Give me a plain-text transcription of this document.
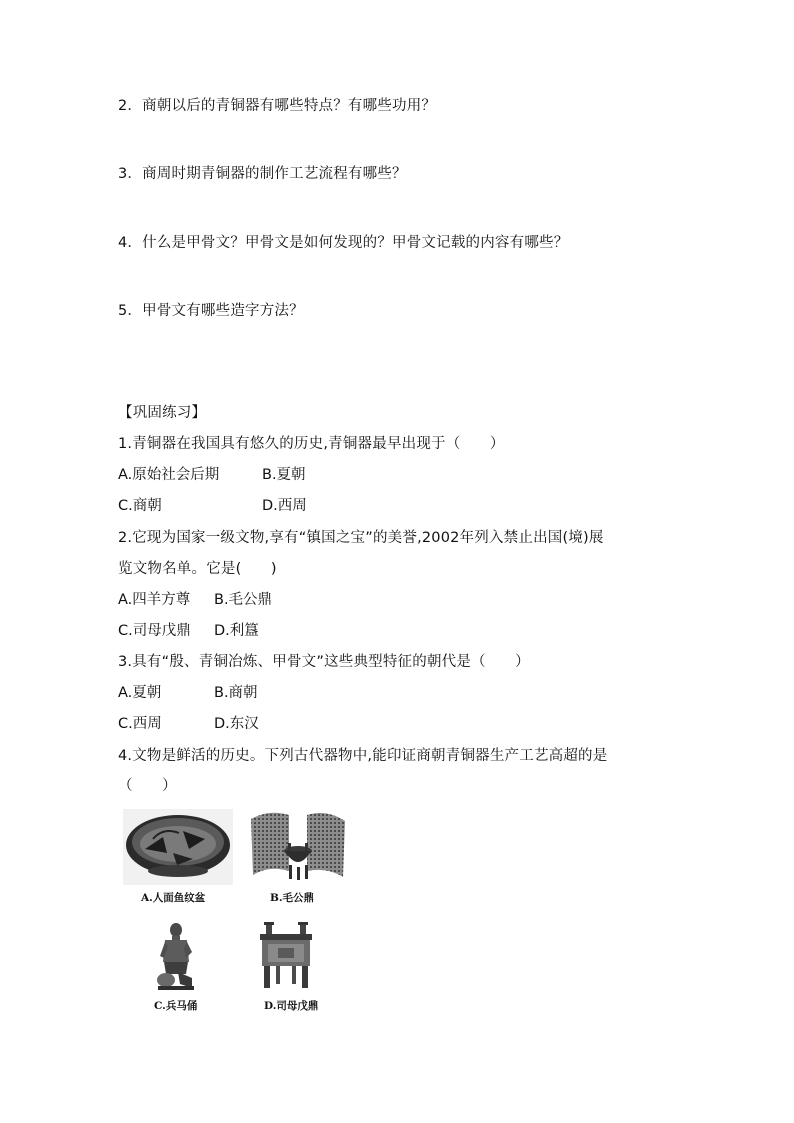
2．商朝以后的青铜器有哪些特点？有哪些功用？
3．商周时期青铜器的制作工艺流程有哪些？
4．什么是甲骨文？甲骨文是如何发现的？甲骨文记载的内容有哪些？
5．甲骨文有哪些造字方法？
【巩固练习】
1.青铜器在我国具有悠久的历史,青铜器最早出现于（　　）
A.原始社会后期	B.夏朝
C.商朝	D.西周
2.它现为国家一级文物,享有“镇国之宝”的美誉,2002年列入禁止出国(境)展
览文物名单。它是(　　)
A.四羊方尊 B.毛公鼎
C.司母戊鼎 D.利簋
3.具有“殷、青铜冶炼、甲骨文”这些典型特征的朝代是（　　）
A.夏朝	B.商朝
C.西周	D.东汉
4.文物是鲜活的历史。下列古代器物中,能印证商朝青铜器生产工艺高超的是
（　　）
A.人面鱼纹盆	B.毛公鼎
C.兵马俑	D.司母戊鼎
